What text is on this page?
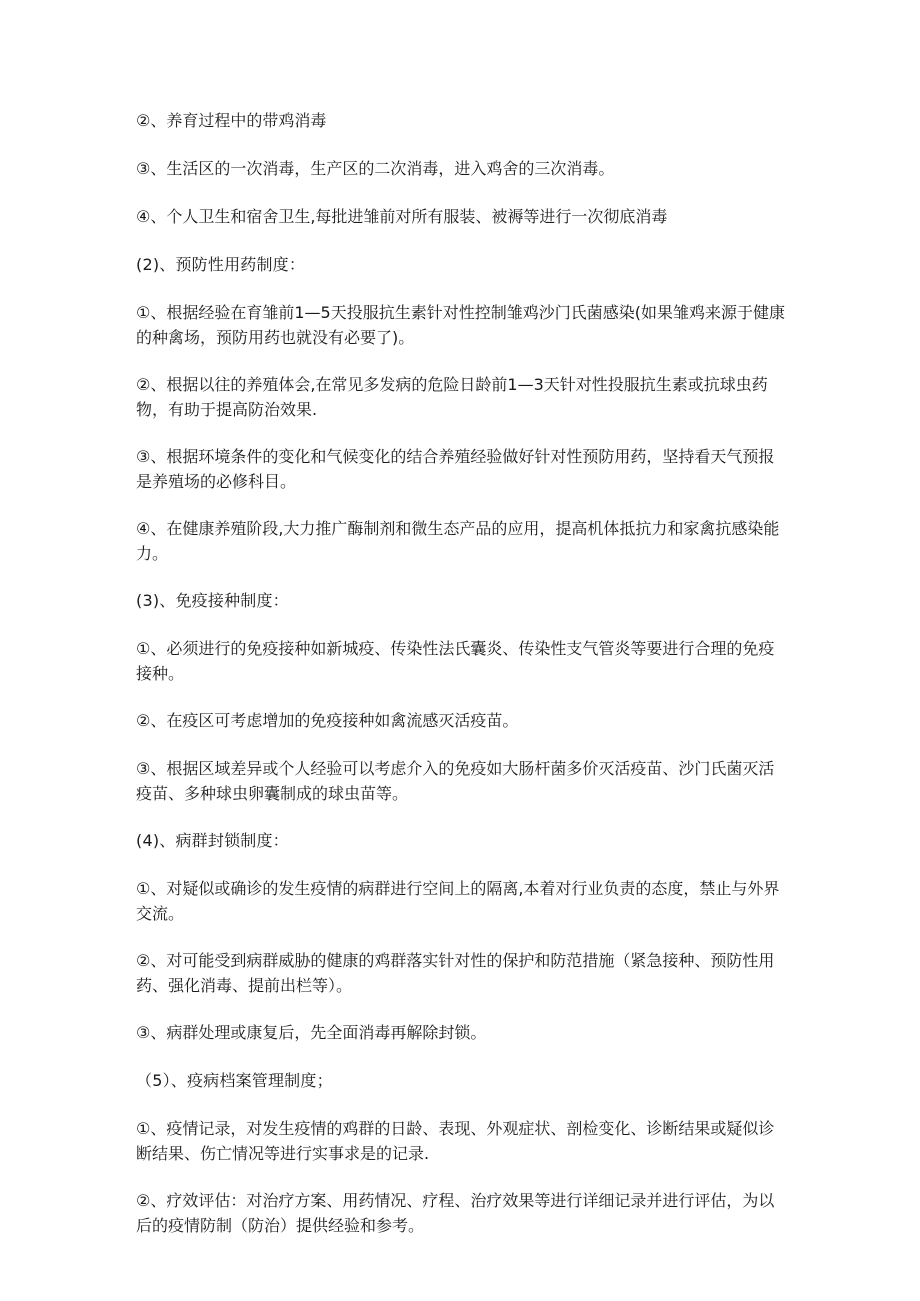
②、养育过程中的带鸡消毒

③、生活区的一次消毒，生产区的二次消毒，进入鸡舍的三次消毒。

④、个人卫生和宿舍卫生,每批进雏前对所有服装、被褥等进行一次彻底消毒

(2)、预防性用药制度：

①、根据经验在育雏前1—5天投服抗生素针对性控制雏鸡沙门氏菌感染(如果雏鸡来源于健康的种禽场，预防用药也就没有必要了)。

②、根据以往的养殖体会,在常见多发病的危险日龄前1—3天针对性投服抗生素或抗球虫药物，有助于提高防治效果.

③、根据环境条件的变化和气候变化的结合养殖经验做好针对性预防用药，坚持看天气预报是养殖场的必修科目。

④、在健康养殖阶段,大力推广酶制剂和微生态产品的应用，提高机体抵抗力和家禽抗感染能力。

(3)、免疫接种制度：

①、必须进行的免疫接种如新城疫、传染性法氏囊炎、传染性支气管炎等要进行合理的免疫接种。

②、在疫区可考虑增加的免疫接种如禽流感灭活疫苗。

③、根据区域差异或个人经验可以考虑介入的免疫如大肠杆菌多价灭活疫苗、沙门氏菌灭活疫苗、多种球虫卵囊制成的球虫苗等。

(4)、病群封锁制度：

①、对疑似或确诊的发生疫情的病群进行空间上的隔离,本着对行业负责的态度，禁止与外界交流。

②、对可能受到病群威胁的健康的鸡群落实针对性的保护和防范措施（紧急接种、预防性用药、强化消毒、提前出栏等）。

③、病群处理或康复后，先全面消毒再解除封锁。

（5）、疫病档案管理制度；

①、疫情记录，对发生疫情的鸡群的日龄、表现、外观症状、剖检变化、诊断结果或疑似诊断结果、伤亡情况等进行实事求是的记录.

②、疗效评估：对治疗方案、用药情况、疗程、治疗效果等进行详细记录并进行评估，为以后的疫情防制（防治）提供经验和参考。
